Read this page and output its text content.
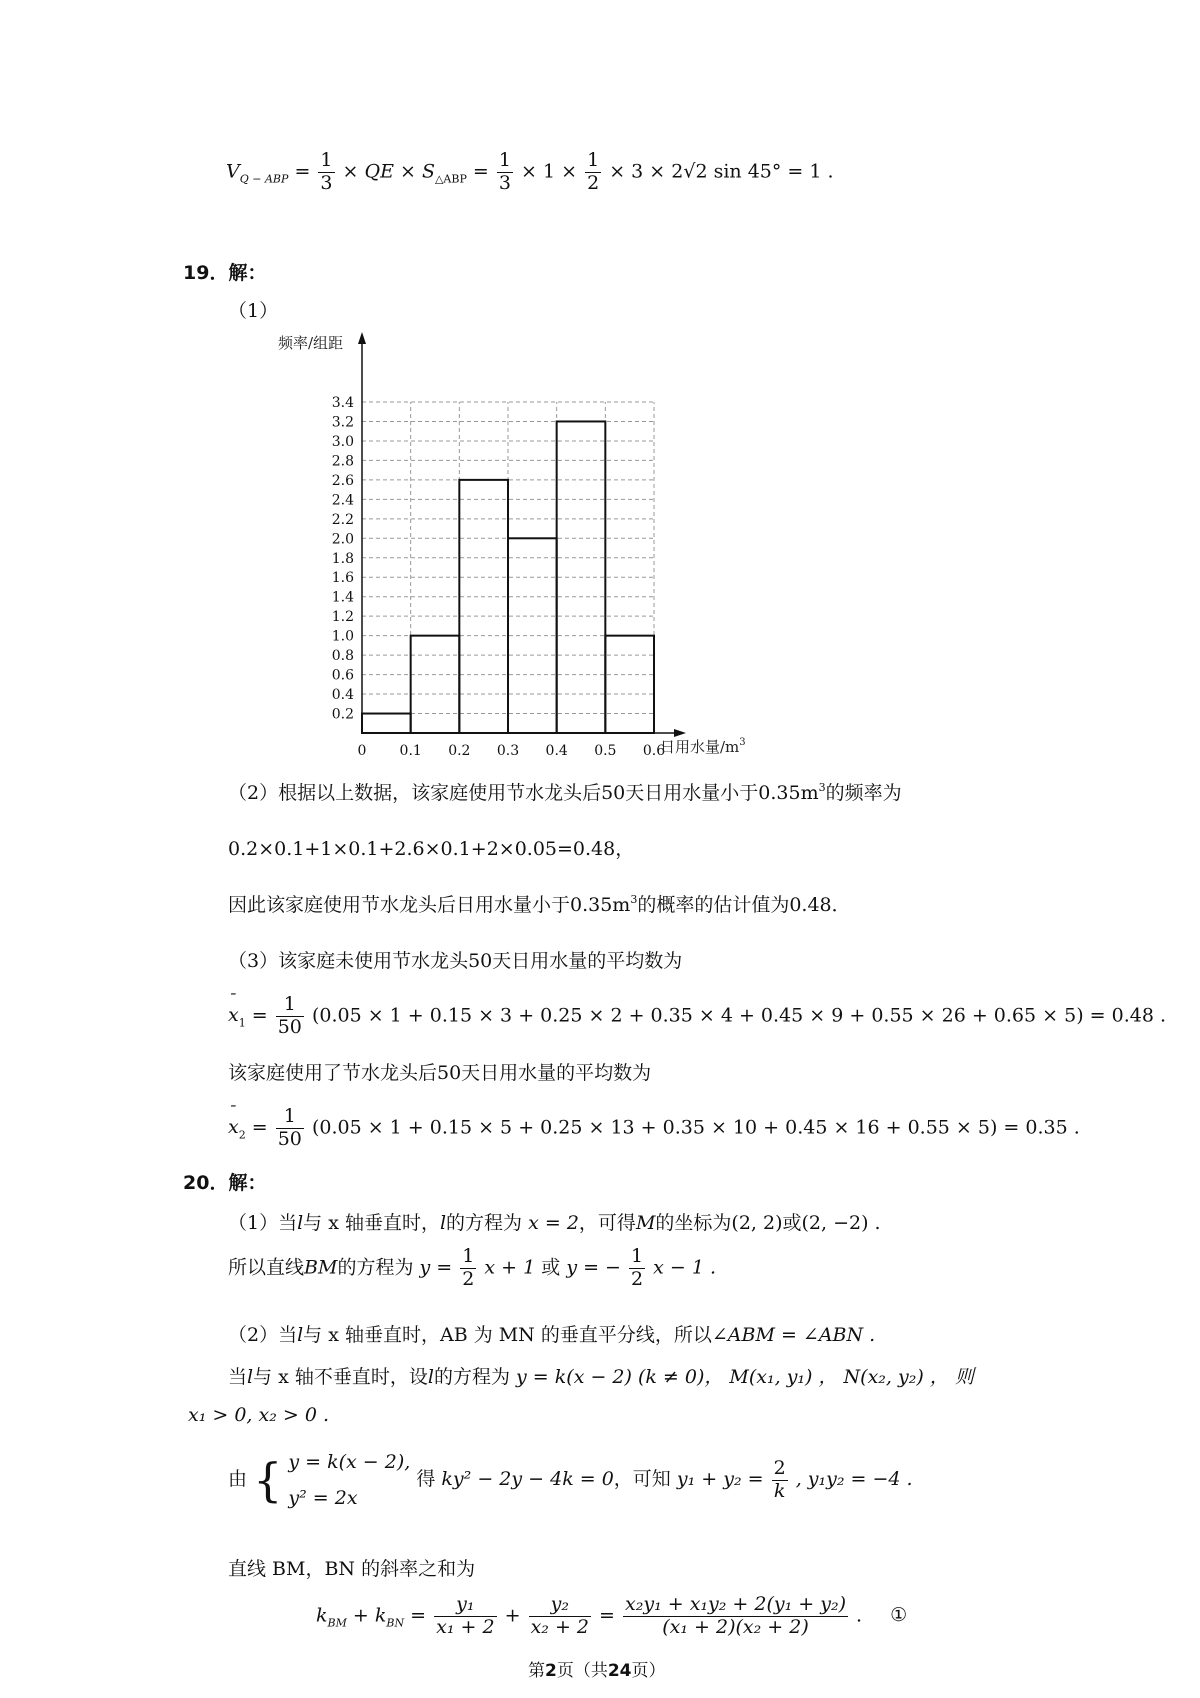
$V_{Q - ABP} = \frac{1}{3}$ × QE × $S_{\triangle ABP} = \frac{1}{3} \times 1 \times \frac{1}{2} \times 3 \times 2√2$ sin 45° = 1 .
19．解：
（1）
0.2
0.4
0.6
0.8
1.0
1.2
1.4
1.6
1.8
2.0
2.2
2.4
2.6
2.8
3.0
3.2
3.4
0 0.1 0.2 0.3 0.4 0.5 0.6
频率/组距
日用水量$/m^3$
（2）根据以上数据，该家庭使用节水龙头后50天日用水量小于$0.35m^3$的频率为
0.2×0.1+1×0.1+2.6×0.1+2×0.05=0.48，
因此该家庭使用节水龙头后日用水量小于$0.35m^3$的概率的估计值为0.48．
（3）该家庭未使用节水龙头50天日用水量的平均数为
¯ $x_1 = \frac{1}{50} (0.05 \times 1 + 0.15 \times 3 + 0.25 \times 2 + 0.35 \times 4 + 0.45 \times 9 + 0.55 \times 26 + 0.65 \times 5) = 0.48$ .
该家庭使用了节水龙头后50天日用水量的平均数为
¯ $x_2 = \frac{1}{50} (0.05 \times 1 + 0.15 \times 5 + 0.25 \times 13 + 0.35 \times 10 + 0.45 \times 16 + 0.55 \times 5) = 0.35$ .
20．解：
（1）当l与 x 轴垂直时，l的方程为 x = 2，可得M的坐标为(2, 2)或(2, −2) .
所以直线BM的方程为 $y = \frac{1}{2}$ x + 1 或 y = − $\frac{1}{2}$ x − 1 .
（2）当l与 x 轴垂直时，AB 为 MN 的垂直平分线，所以∠ABM = ∠ABN .
当l与 x 轴不垂直时，设l的方程为 y = k(x − 2) (k ≠ 0)， M(x₁, y₁) ， N(x₂, y₂) ， 则
x₁ > 0, x₂ > 0 .
由 { y = k(x − 2),
y² = 2x
得 ky² − 2y − 4k = 0，可知 $y_1 + y_2 = \frac{2}{k}$ , y₁y₂ = −4 .
直线 BM，BN 的斜率之和为
$k_{BM} + k_{BN} = \frac{\text{y₁}}{\text{x₁ + 2}} + \frac{\text{y₂}}{\text{x₂ + 2}} = \frac{\text{x₂y₁ + x₁y₂ + 2(y₁ + y₂)}}{\text{(x₁ + 2)(x₂ + 2)}}$ . ①
第2页（共24页）
